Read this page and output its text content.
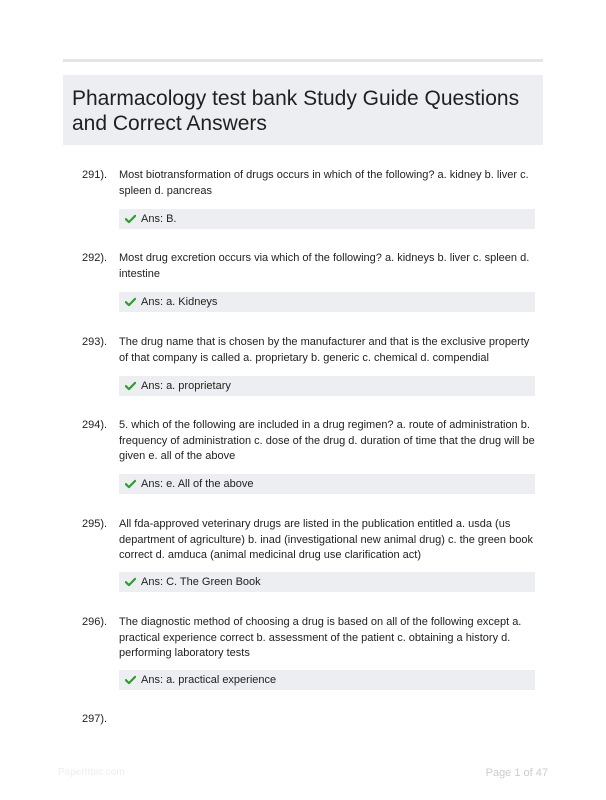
Pharmacology test bank Study Guide Questions and Correct Answers
291). Most biotransformation of drugs occurs in which of the following? a. kidney b. liver c. spleen d. pancreas
Ans: B.
292). Most drug excretion occurs via which of the following? a. kidneys b. liver c. spleen d. intestine
Ans: a. Kidneys
293). The drug name that is chosen by the manufacturer and that is the exclusive property of that company is called a. proprietary b. generic c. chemical d. compendial
Ans: a. proprietary
294). 5. which of the following are included in a drug regimen? a. route of administration b. frequency of administration c. dose of the drug d. duration of time that the drug will be given e. all of the above
Ans: e. All of the above
295). All fda-approved veterinary drugs are listed in the publication entitled a. usda (us department of agriculture) b. inad (investigational new animal drug) c. the green book correct d. amduca (animal medicinal drug use clarification act)
Ans: C. The Green Book
296). The diagnostic method of choosing a drug is based on all of the following except a. practical experience correct b. assessment of the patient c. obtaining a history d. performing laboratory tests
Ans: a. practical experience
297).
Paperttbic.com	Page 1 of 47
